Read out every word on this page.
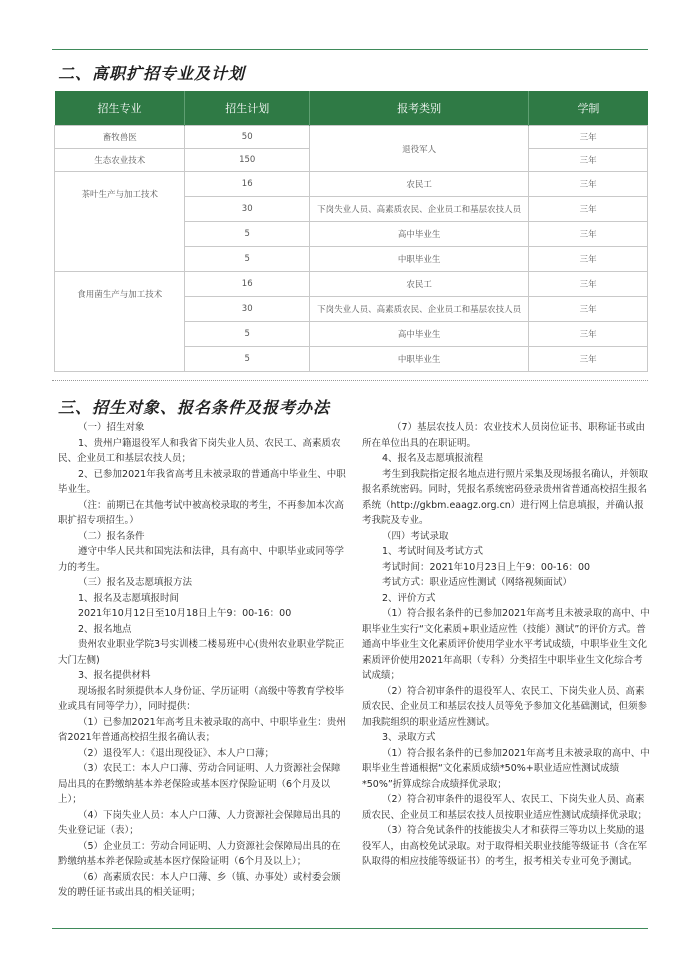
二、高职扩招专业及计划
招生专业	招生计划	报考类别	学制
畜牧兽医	50	退役军人	三年
生态农业技术	150		三年
茶叶生产与加工技术	16	农民工	三年
	30	下岗失业人员、高素质农民、企业员工和基层农技人员	三年
	5	高中毕业生	三年
	5	中职毕业生	三年
食用菌生产与加工技术	16	农民工	三年
	30	下岗失业人员、高素质农民、企业员工和基层农技人员	三年
	5	高中毕业生	三年
	5	中职毕业生	三年
三、招生对象、报名条件及报考办法

（一）招生对象

1、贵州户籍退役军人和我省下岗失业人员、农民工、高素质农民、企业员工和基层农技人员；

2、已参加2021年我省高考且未被录取的普通高中毕业生、中职毕业生。

（注：前期已在其他考试中被高校录取的考生，不再参加本次高职扩招专项招生。）

（二）报名条件

遵守中华人民共和国宪法和法律，具有高中、中职毕业或同等学力的考生。

（三）报名及志愿填报方法

1、报名及志愿填报时间

2021年10月12日至10月18日上午9：00-16：00

2、报名地点

贵州农业职业学院3号实训楼二楼易班中心(贵州农业职业学院正大门左侧)

3、报名提供材料

现场报名时须提供本人身份证、学历证明（高级中等教育学校毕业或具有同等学力），同时提供：

（1）已参加2021年高考且未被录取的高中、中职毕业生：贵州省2021年普通高校招生报名确认表；

（2）退役军人：《退出现役证》、本人户口薄；

（3）农民工：本人户口薄、劳动合同证明、人力资源社会保障局出具的在黔缴纳基本养老保险或基本医疗保险证明（6个月及以上）；

（4）下岗失业人员：本人户口薄、人力资源社会保障局出具的失业登记证（表）；

（5）企业员工：劳动合同证明、人力资源社会保障局出具的在黔缴纳基本养老保险或基本医疗保险证明（6个月及以上）；

（6）高素质农民：本人户口薄、乡（镇、办事处）或村委会颁发的聘任证书或出具的相关证明；

（7）基层农技人员：农业技术人员岗位证书、职称证书或由所在单位出具的在职证明。

4、报名及志愿填报流程

考生到我院指定报名地点进行照片采集及现场报名确认，并领取报名系统密码。同时，凭报名系统密码登录贵州省普通高校招生报名系统（http://gkbm.eaagz.org.cn）进行网上信息填报，并确认报考我院及专业。

（四）考试录取

1、考试时间及考试方式

考试时间：2021年10月23日上午9：00-16：00

考试方式：职业适应性测试（网络视频面试）

2、评价方式

（1）符合报名条件的已参加2021年高考且未被录取的高中、中职毕业生实行“文化素质+职业适应性（技能）测试”的评价方式。普通高中毕业生文化素质评价使用学业水平考试成绩，中职毕业生文化素质评价使用2021年高职（专科）分类招生中职毕业生文化综合考试成绩；

（2）符合初审条件的退役军人、农民工、下岗失业人员、高素质农民、企业员工和基层农技人员等免予参加文化基础测试，但须参加我院组织的职业适应性测试。

3、录取方式

（1）符合报名条件的已参加2021年高考且未被录取的高中、中职毕业生普通根据“文化素质成绩*50%+职业适应性测试成绩*50%”折算成综合成绩择优录取；

（2）符合初审条件的退役军人、农民工、下岗失业人员、高素质农民、企业员工和基层农技人员按职业适应性测试成绩择优录取；

（3）符合免试条件的技能拔尖人才和获得三等功以上奖励的退役军人，由高校免试录取。对于取得相关职业技能等级证书（含在军队取得的相应技能等级证书）的考生，报考相关专业可免予测试。
